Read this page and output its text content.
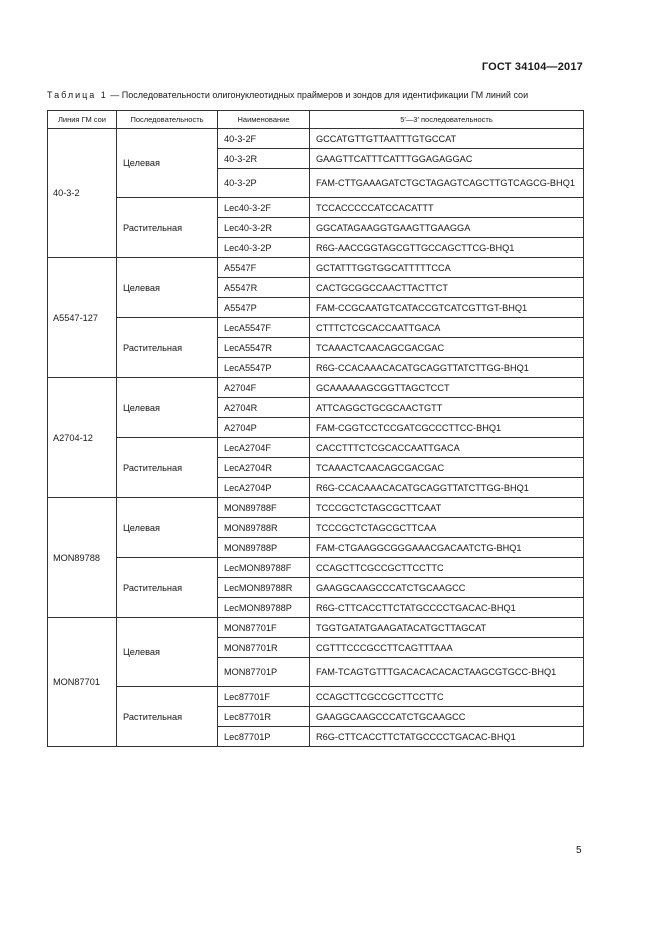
ГОСТ 34104—2017
Таблица 1 — Последовательности олигонуклеотидных праймеров и зондов для идентификации ГМ линий сои
Линия ГМ сои	Последовательность	Наименование	5′—3′ последовательность
40-3-2	Целевая	40-3-2F	GCCATGTTGTTAATTTGTGCCAT
		40-3-2R	GAAGTTCATTTCATTTGGAGAGGAC
		40-3-2P	FAM-CTTGAAAGATCTGCTAGAGTCAGCTTGTCAGCG-BHQ1
	Растительная	Lec40-3-2F	TCCACCCCCATCCACATTT
		Lec40-3-2R	GGCATAGAAGGTGAAGTTGAAGGA
		Lec40-3-2P	R6G-AACCGGTAGCGTTGCCAGCTTCG-BHQ1
A5547-127	Целевая	A5547F	GCTATTTGGTGGCATTTTTCCA
		A5547R	CACTGCGGCCAACTTACTTCT
		A5547P	FAM-CCGCAATGTCATACCGTCATCGTTGT-BHQ1
	Растительная	LecA5547F	CTTTCTCGCACCAATTGACA
		LecA5547R	TCAAACTCAACAGCGACGAC
		LecA5547P	R6G-CCACAAACACATGCAGGTTATCTTGG-BHQ1
A2704-12	Целевая	A2704F	GCAAAAAAGCGGTTAGCTCCT
		A2704R	ATTCAGGCTGCGCAACTGTT
		A2704P	FAM-CGGTCCTCCGATCGCCCTTCC-BHQ1
	Растительная	LecA2704F	CACCTTTCTCGCACCAATTGACA
		LecA2704R	TCAAACTCAACAGCGACGAC
		LecA2704P	R6G-CCACAAACACATGCAGGTTATCTTGG-BHQ1
MON89788	Целевая	MON89788F	TCCCGCTCTAGCGCTTCAAT
		MON89788R	TCCCGCTCTAGCGCTTCAA
		MON89788P	FAM-CTGAAGGCGGGAAACGACAATCTG-BHQ1
	Растительная	LecMON89788F	CCAGCTTCGCCGCTTCCTTC
		LecMON89788R	GAAGGCAAGCCCATCTGCAAGCC
		LecMON89788P	R6G-CTTCACCTTCTATGCCCCTGACAC-BHQ1
MON87701	Целевая	MON87701F	TGGTGATATGAAGATACATGCTTAGCAT
		MON87701R	CGTTTCCCGCCTTCAGTTTAAA
		MON87701P	FAM-TCAGTGTTTGACACACACACTAAGCGTGCC-BHQ1
	Растительная	Lec87701F	CCAGCTTCGCCGCTTCCTTC
		Lec87701R	GAAGGCAAGCCCATCTGCAAGCC
		Lec87701P	R6G-CTTCACCTTCTATGCCCCTGACAC-BHQ1
5
